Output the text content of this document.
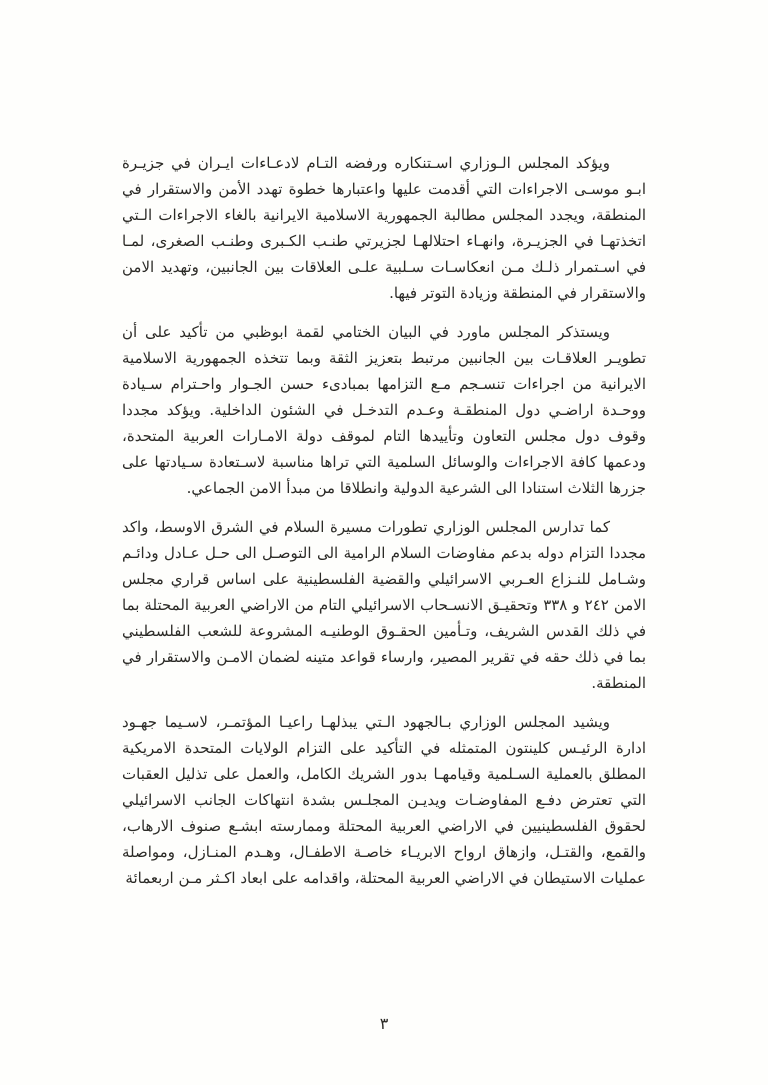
ويؤكد المجلس الـوزاري اسـتنكاره ورفضه التـام لادعـاءات ايـران في جزيـرة ابـو موسـى الاجراءات التي أقدمت عليها واعتبارها خطوة تهدد الأمن والاستقرار في المنطقة، ويجدد المجلس مطالبة الجمهورية الاسلامية الايرانية بالغاء الاجراءات الـتي اتخذتهـا في الجزيـرة، وانهـاء احتلالهـا لجزيرتي طنـب الكـبرى وطنـب الصغرى، لمـا في اسـتمرار ذلـك مـن انعكاسـات سـلبية علـى العلاقات بين الجانبين، وتهديد الامن والاستقرار في المنطقة وزيادة التوتر فيها.

ويستذكر المجلس ماورد في البيان الختامي لقمة ابوظبي من تأكيد على أن تطويـر العلاقـات بين الجانبين مرتبط بتعزيز الثقة وبما تتخذه الجمهورية الاسلامية الايرانية من اجراءات تنسـجم مـع التزامها بمبادىء حسن الجـوار واحـترام سـيادة ووحـدة اراضـي دول المنطقـة وعـدم التدخـل في الشئون الداخلية. ويؤكد مجددا وقوف دول مجلس التعاون وتأييدها التام لموقف دولة الامـارات العربية المتحدة، ودعمها كافة الاجراءات والوسائل السلمية التي تراها مناسبة لاسـتعادة سـيادتها على جزرها الثلاث استنادا الى الشرعية الدولية وانطلاقا من مبدأ الامن الجماعي.

كما تدارس المجلس الوزاري تطورات مسيرة السلام في الشرق الاوسط، واكد مجددا التزام دوله بدعم مفاوضات السلام الرامية الى التوصـل الى حـل عـادل ودائـم وشـامل للنـزاع العـربي الاسرائيلي والقضية الفلسطينية على اساس قراري مجلس الامن ٢٤٢ و ٣٣٨ وتحقيـق الانسـحاب الاسرائيلي التام من الاراضي العربية المحتلة بما في ذلك القدس الشريف، وتـأمين الحقـوق الوطنيـه المشروعة للشعب الفلسطيني بما في ذلك حقه في تقرير المصير، وارساء قواعد متينه لضمان الامـن والاستقرار في المنطقة.

ويشيد المجلس الوزاري بـالجهود الـتي يبذلهـا راعيـا المؤتمـر، لاسـيما جهـود ادارة الرئيـس كلينتون المتمثله في التأكيد على التزام الولايات المتحدة الامريكية المطلق بالعملية السـلمية وقيامهـا بدور الشريك الكامل، والعمل على تذليل العقبات التي تعترض دفـع المفاوضـات ويديـن المجلـس بشدة انتهاكات الجانب الاسرائيلي لحقوق الفلسطينيين في الاراضي العربية المحتلة وممارسته ابشـع صنوف الارهاب، والقمع، والقتـل، وازهاق ارواح الابريـاء خاصـة الاطفـال، وهـدم المنـازل، ومواصلة عمليات الاستيطان في الاراضي العربية المحتلة، واقدامه على ابعاد اكـثر مـن اربعمائة

٣
